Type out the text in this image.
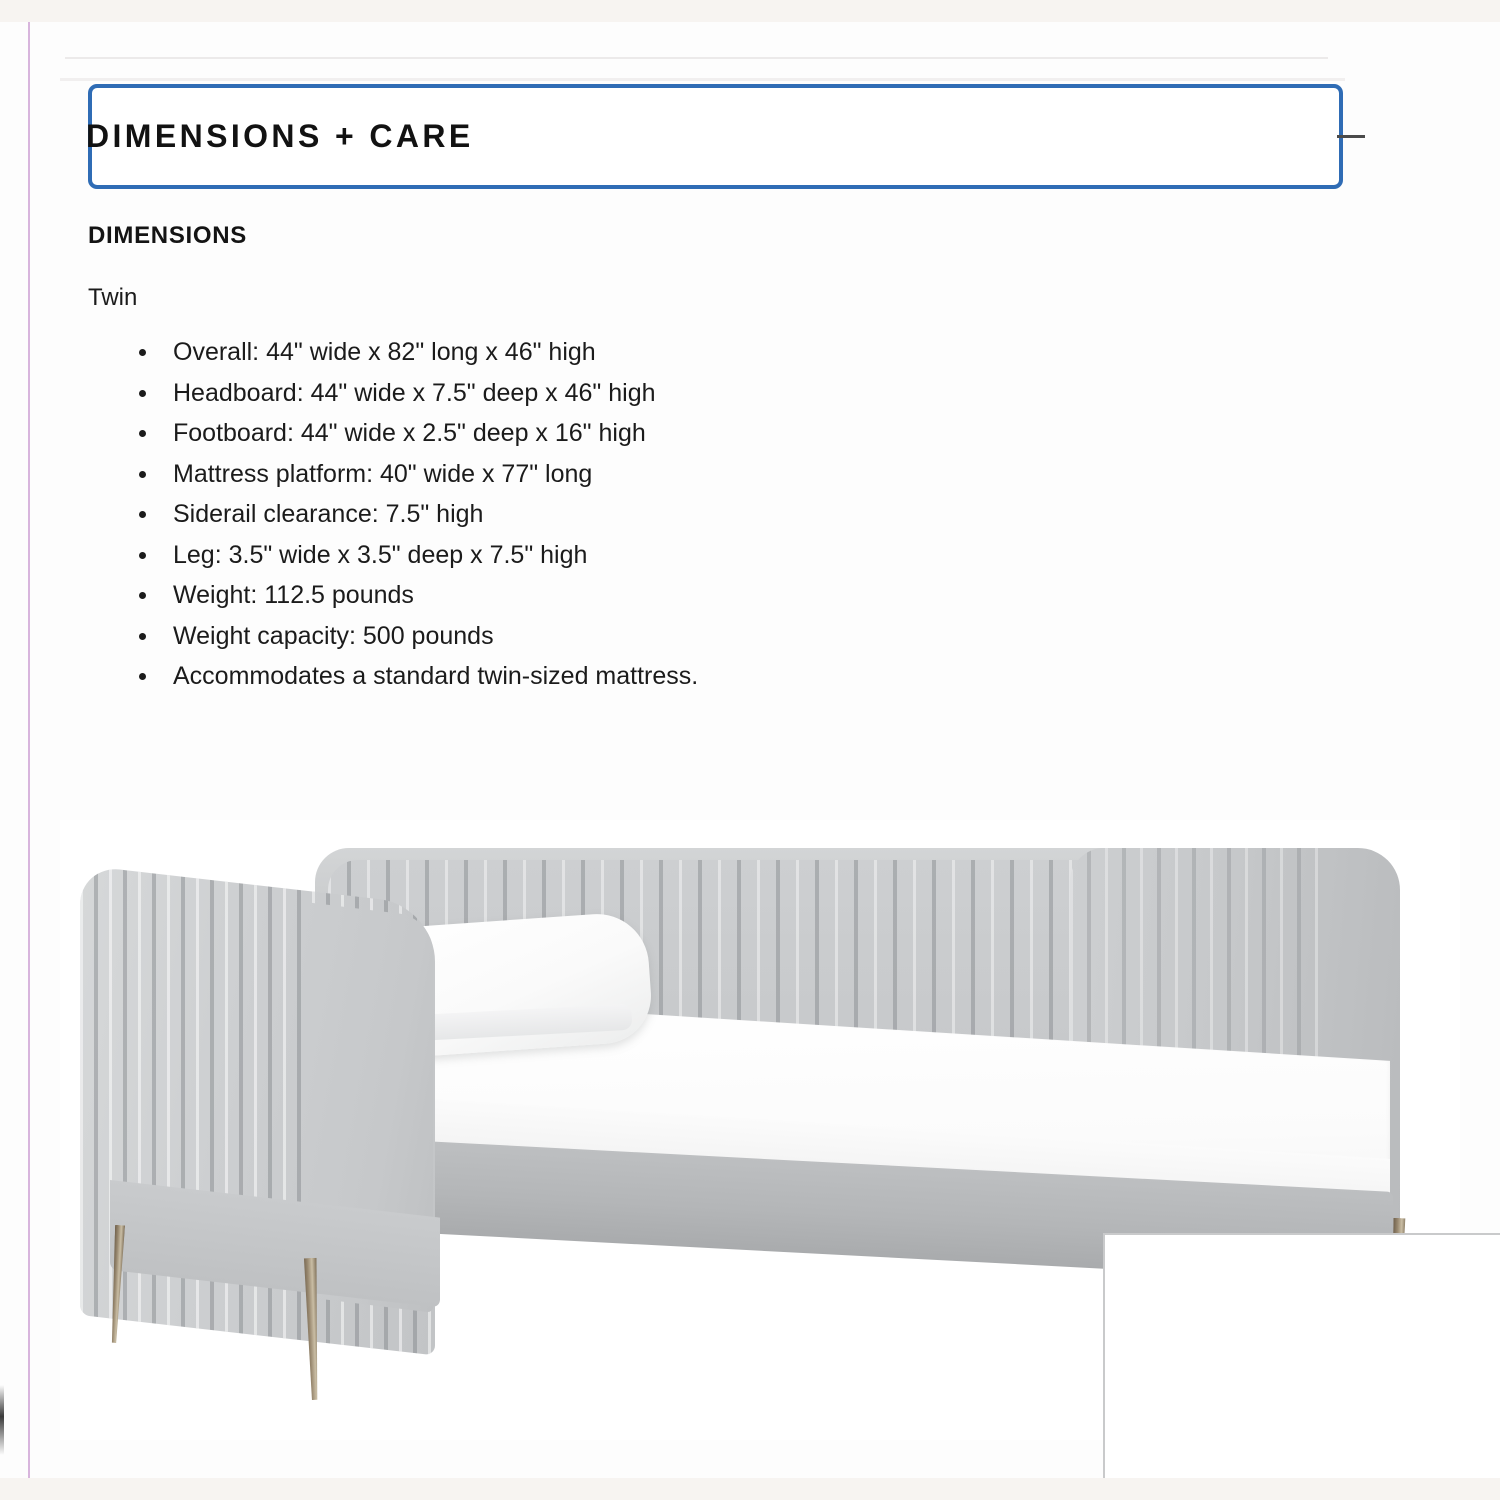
DIMENSIONS + CARE
DIMENSIONS
Twin
Overall: 44" wide x 82" long x 46" high
Headboard: 44" wide x 7.5" deep x 46" high
Footboard: 44" wide x 2.5" deep x 16" high
Mattress platform: 40" wide x 77" long
Siderail clearance: 7.5" high
Leg: 3.5" wide x 3.5" deep x 7.5" high
Weight: 112.5 pounds
Weight capacity: 500 pounds
Accommodates a standard twin-sized mattress.
